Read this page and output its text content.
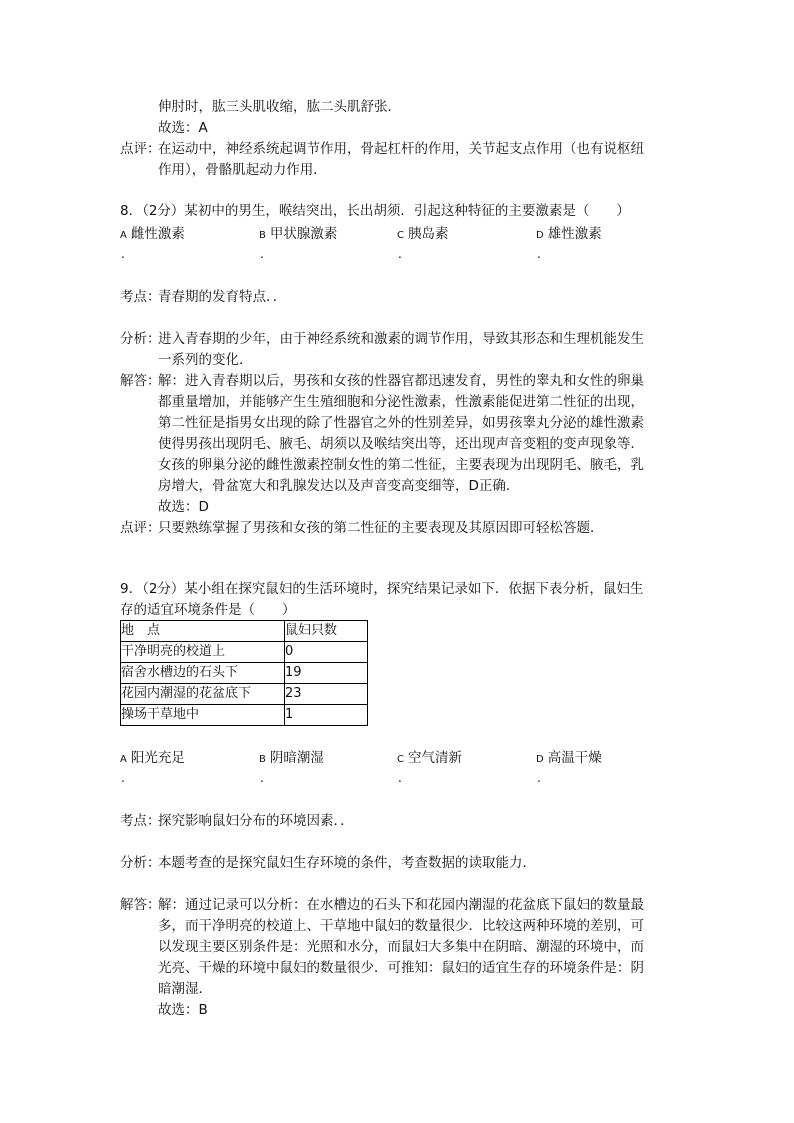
伸肘时，肱三头肌收缩，肱二头肌舒张．
故选：A
点评：
在运动中，神经系统起调节作用，骨起杠杆的作用，关节起支点作用（也有说枢纽
作用），骨骼肌起动力作用．
8．（2分）某初中的男生，喉结突出，长出胡须．引起这种特征的主要激素是（　　）
A 雌性激素	B 甲状腺激素	C 胰岛素	D 雄性激素
.	.	.	.
考点：
青春期的发育特点．．
分析：
进入青春期的少年，由于神经系统和激素的调节作用，导致其形态和生理机能发生
一系列的变化．
解答：
解：进入青春期以后，男孩和女孩的性器官都迅速发育，男性的睾丸和女性的卵巢
都重量增加，并能够产生生殖细胞和分泌性激素，性激素能促进第二性征的出现，
第二性征是指男女出现的除了性器官之外的性别差异，如男孩睾丸分泌的雄性激素
使得男孩出现阴毛、腋毛、胡须以及喉结突出等，还出现声音变粗的变声现象等．
女孩的卵巢分泌的雌性激素控制女性的第二性征，主要表现为出现阴毛、腋毛，乳
房增大，骨盆宽大和乳腺发达以及声音变高变细等，D正确．
故选：D
点评：
只要熟练掌握了男孩和女孩的第二性征的主要表现及其原因即可轻松答题．
9．（2分）某小组在探究鼠妇的生活环境时，探究结果记录如下．依据下表分析，鼠妇生
存的适宜环境条件是（　　）
地　点	鼠妇只数
干净明亮的校道上	0
宿舍水槽边的石头下	19
花园内潮湿的花盆底下	23
操场干草地中	1
A 阳光充足	B 阴暗潮湿	C 空气清新	D 高温干燥
.	.	.	.
考点：
探究影响鼠妇分布的环境因素．．
分析：
本题考查的是探究鼠妇生存环境的条件，考查数据的读取能力．
解答：
解：通过记录可以分析：在水槽边的石头下和花园内潮湿的花盆底下鼠妇的数量最
多，而干净明亮的校道上、干草地中鼠妇的数量很少．比较这两种环境的差别，可
以发现主要区别条件是：光照和水分，而鼠妇大多集中在阴暗、潮湿的环境中，而
光亮、干燥的环境中鼠妇的数量很少．可推知：鼠妇的适宜生存的环境条件是：阴
暗潮湿．
故选：B
